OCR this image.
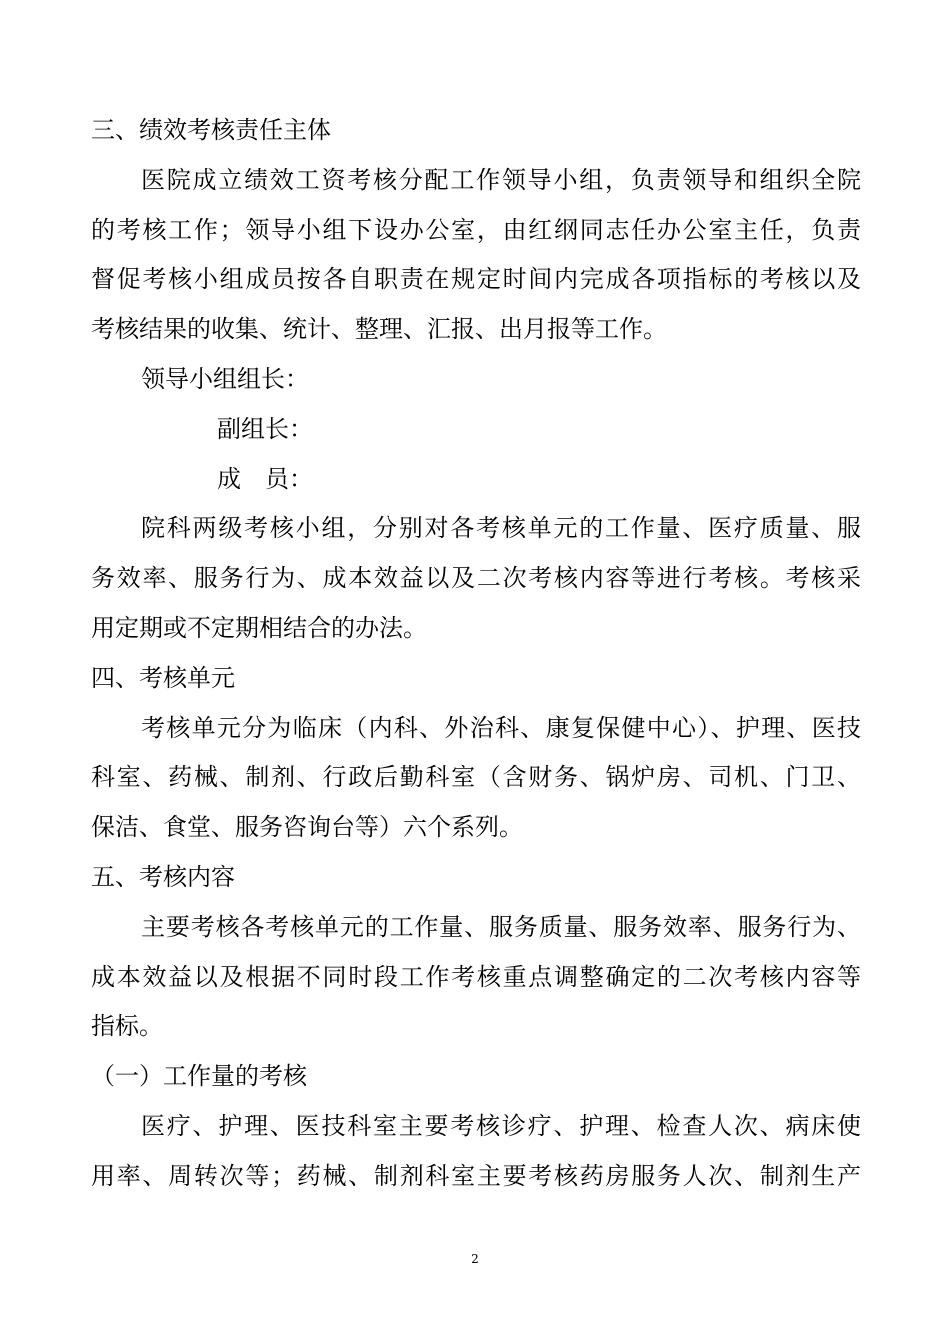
三、绩效考核责任主体
医院成立绩效工资考核分配工作领导小组，负责领导和组织全院
的考核工作；领导小组下设办公室，由红纲同志任办公室主任，负责
督促考核小组成员按各自职责在规定时间内完成各项指标的考核以及
考核结果的收集、统计、整理、汇报、出月报等工作。
领导小组组长：
副组长：
成　员：
院科两级考核小组，分别对各考核单元的工作量、医疗质量、服
务效率、服务行为、成本效益以及二次考核内容等进行考核。考核采
用定期或不定期相结合的办法。
四、考核单元
考核单元分为临床（内科、外治科、康复保健中心）、护理、医技
科室、药械、制剂、行政后勤科室（含财务、锅炉房、司机、门卫、
保洁、食堂、服务咨询台等）六个系列。
五、考核内容
主要考核各考核单元的工作量、服务质量、服务效率、服务行为、
成本效益以及根据不同时段工作考核重点调整确定的二次考核内容等
指标。
（一）工作量的考核
医疗、护理、医技科室主要考核诊疗、护理、检查人次、病床使
用率、周转次等；药械、制剂科室主要考核药房服务人次、制剂生产
2
